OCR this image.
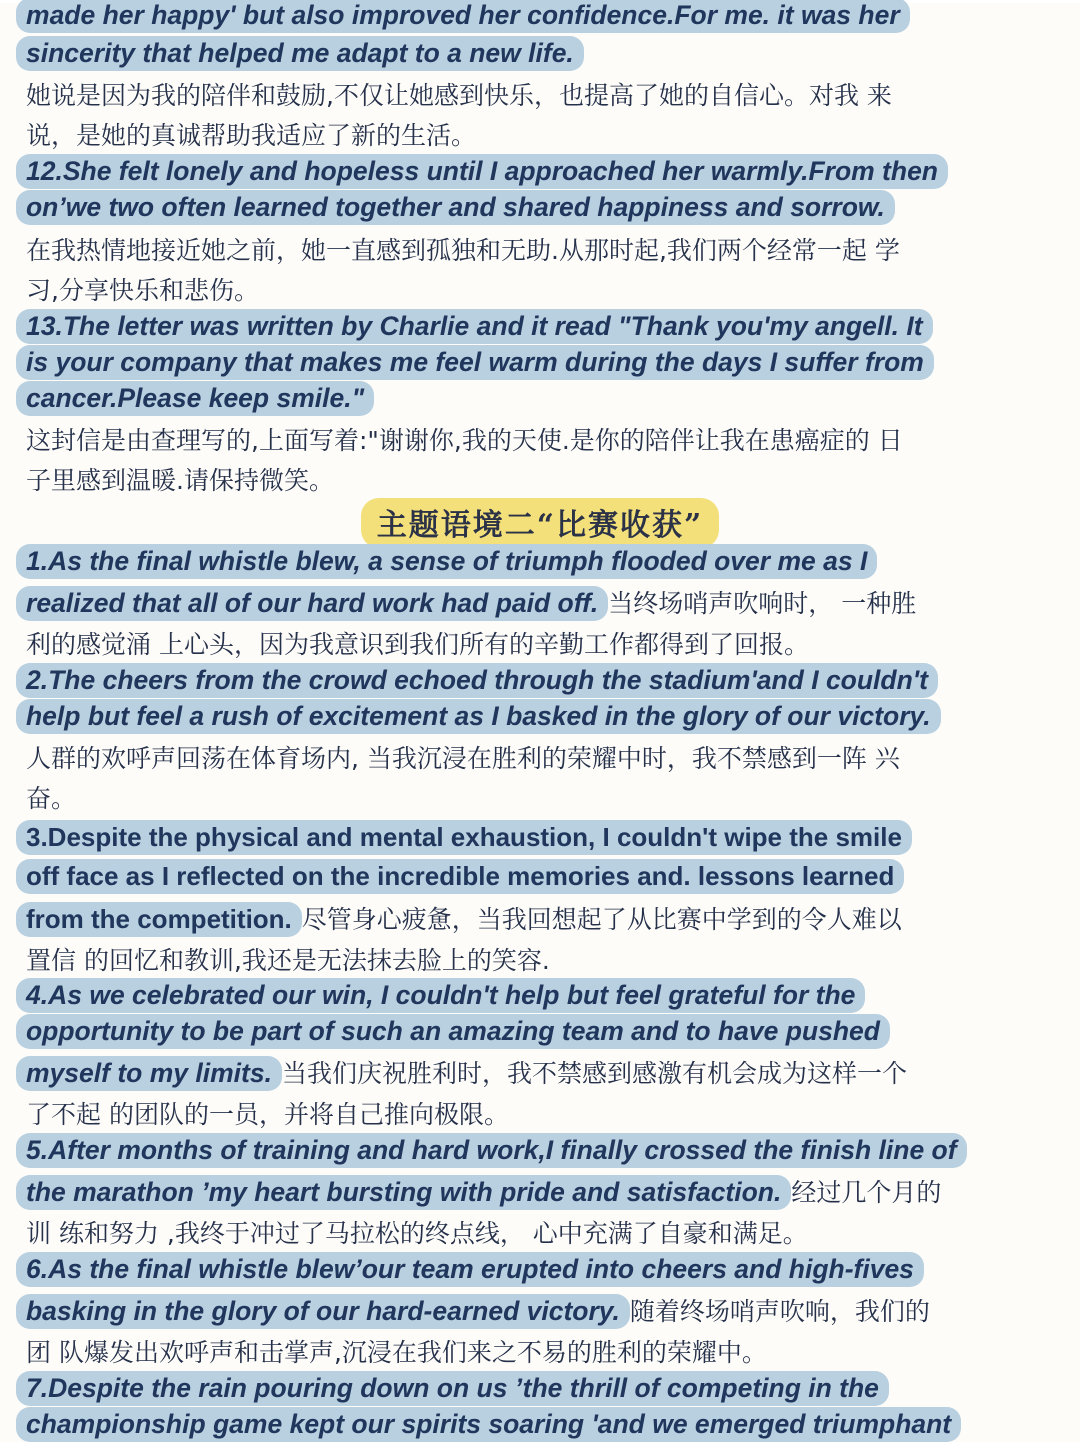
made her happy' but also improved her confidence.For me. it was her
sincerity that helped me adapt to a new life.
她说是因为我的陪伴和鼓励,不仅让她感到快乐，也提高了她的自信心。对我 来
说，是她的真诚帮助我适应了新的生活。
12.She felt lonely and hopeless until I approached her warmly.From then
on’we two often learned together and shared happiness and sorrow.
在我热情地接近她之前，她一直感到孤独和无助.从那时起,我们两个经常一起 学
习,分享快乐和悲伤。
13.The letter was written by Charlie and it read "Thank you'my angell. It
is your company that makes me feel warm during the days I suffer from
cancer.Please keep smile."
这封信是由查理写的,上面写着:"谢谢你,我的天使.是你的陪伴让我在患癌症的 日
子里感到温暖.请保持微笑。
主题语境二“比赛收获”
1.As the final whistle blew, a sense of triumph flooded over me as I
realized that all of our hard work had paid off. 当终场哨声吹响时， 一种胜
利的感觉涌 上心头，因为我意识到我们所有的辛勤工作都得到了回报。
2.The cheers from the crowd echoed through the stadium'and I couldn't
help but feel a rush of excitement as I basked in the glory of our victory.
人群的欢呼声回荡在体育场内, 当我沉浸在胜利的荣耀中时，我不禁感到一阵 兴
奋。
3.Despite the physical and mental exhaustion, I couldn't wipe the smile
off face as I reflected on the incredible memories and. lessons learned
from the competition. 尽管身心疲惫，当我回想起了从比赛中学到的令人难以
置信 的回忆和教训,我还是无法抹去脸上的笑容.
4.As we celebrated our win, I couldn't help but feel grateful for the
opportunity to be part of such an amazing team and to have pushed
myself to my limits. 当我们庆祝胜利时，我不禁感到感激有机会成为这样一个
了不起 的团队的一员，并将自己推向极限。
5.After months of training and hard work,I finally crossed the finish line of
the marathon ’my heart bursting with pride and satisfaction. 经过几个月的
训 练和努力 ,我终于冲过了马拉松的终点线， 心中充满了自豪和满足。
6.As the final whistle blew’our team erupted into cheers and high-fives
basking in the glory of our hard-earned victory. 随着终场哨声吹响，我们的
团 队爆发出欢呼声和击掌声,沉浸在我们来之不易的胜利的荣耀中。
7.Despite the rain pouring down on us ’the thrill of competing in the
championship game kept our spirits soaring 'and we emerged triumphant
